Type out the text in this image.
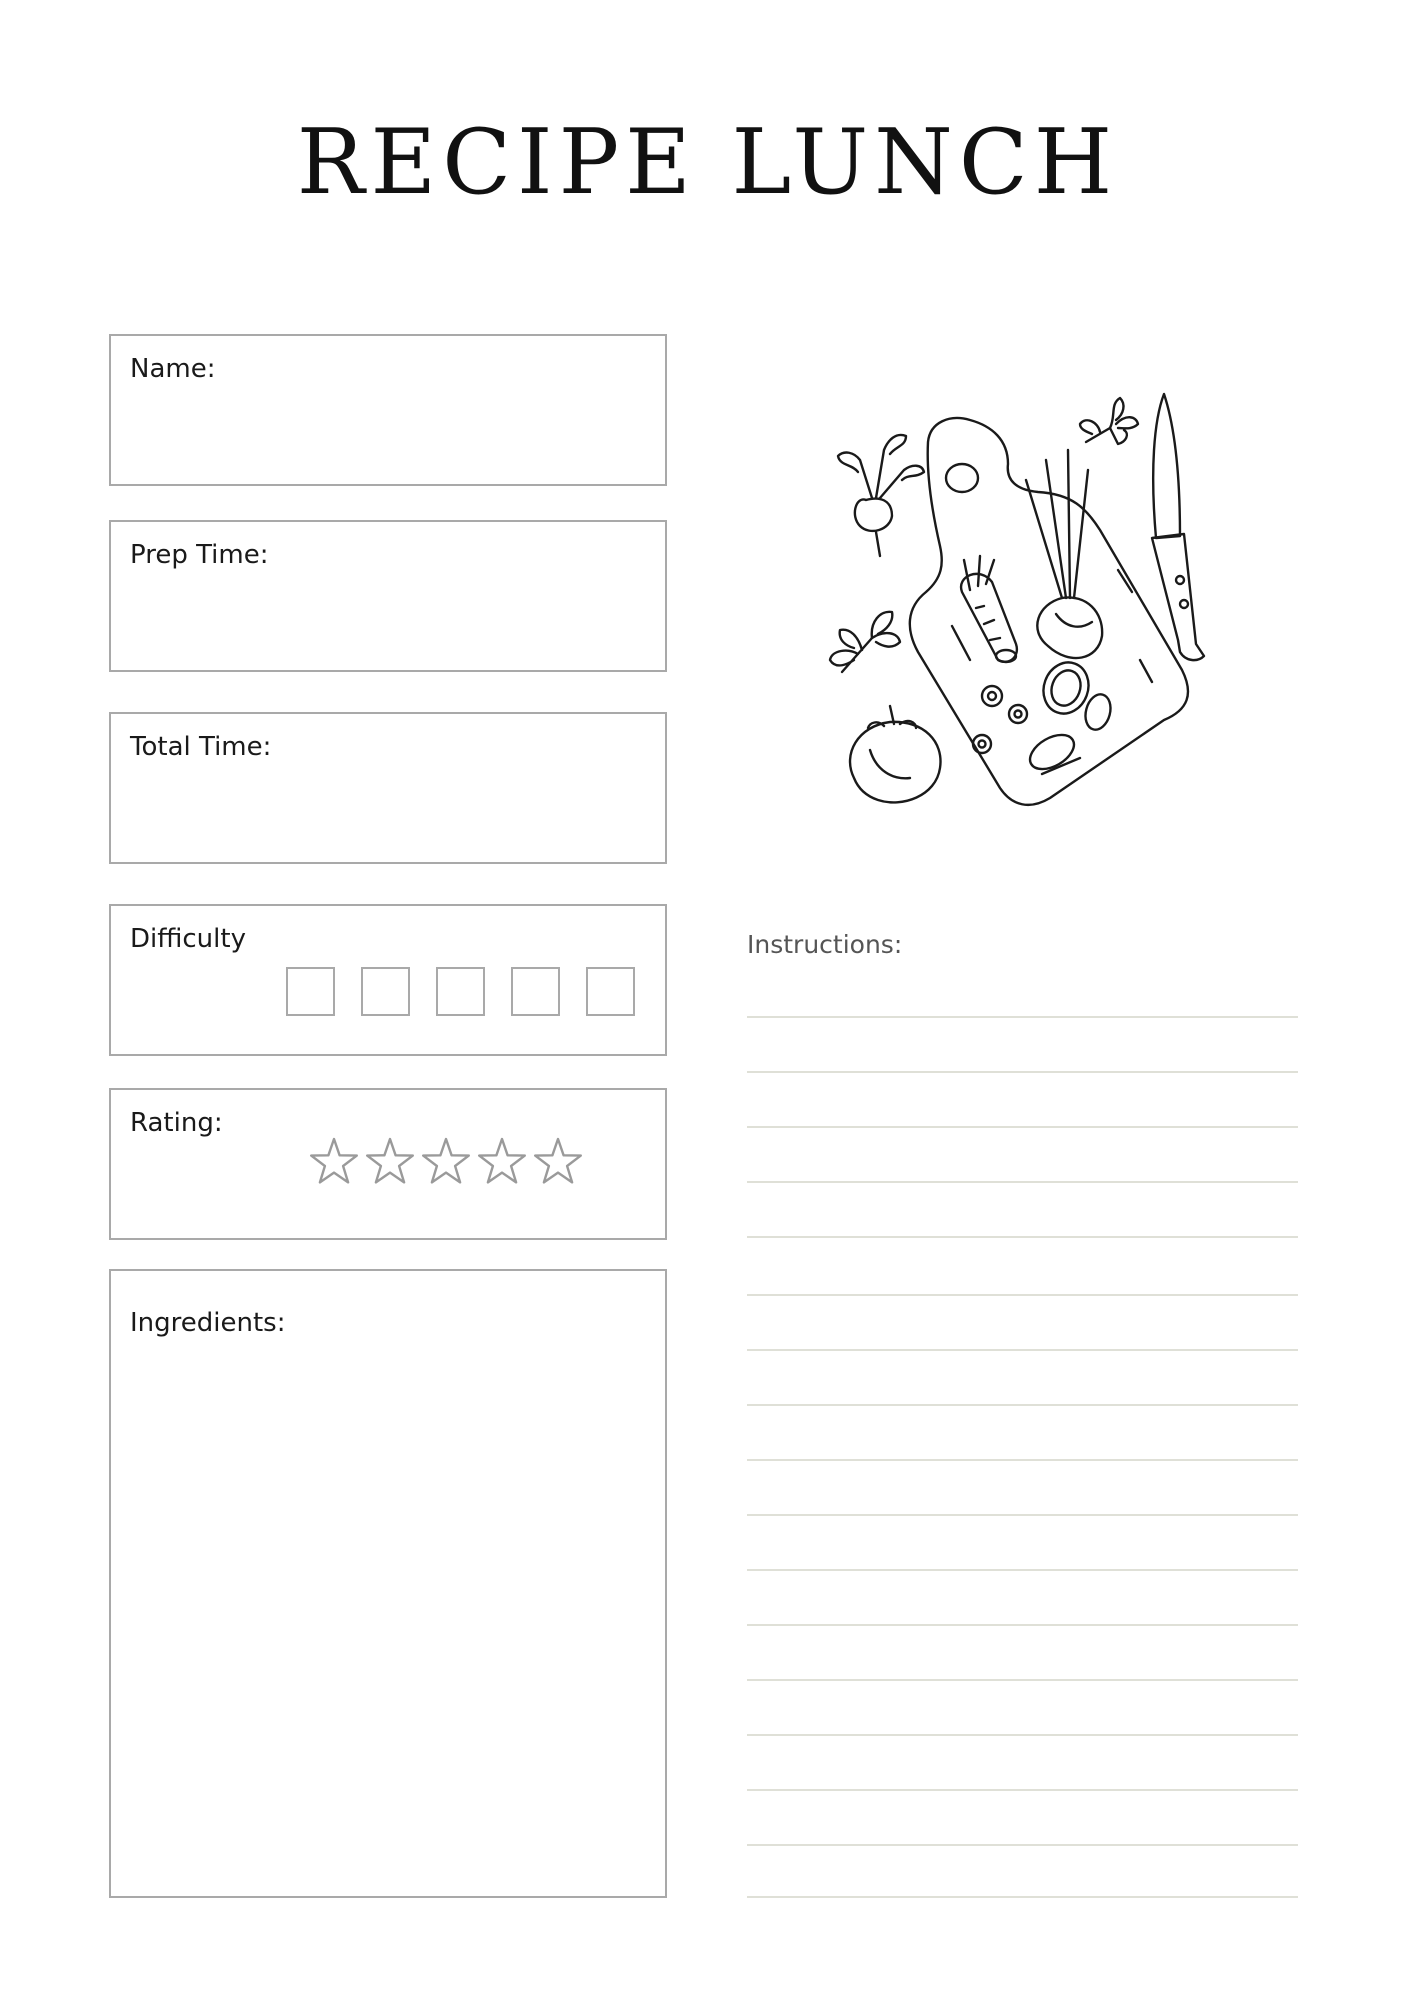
RECIPE LUNCH
Name:
Prep Time:
Total Time:
Difficulty
Rating:
Ingredients:
Instructions:
